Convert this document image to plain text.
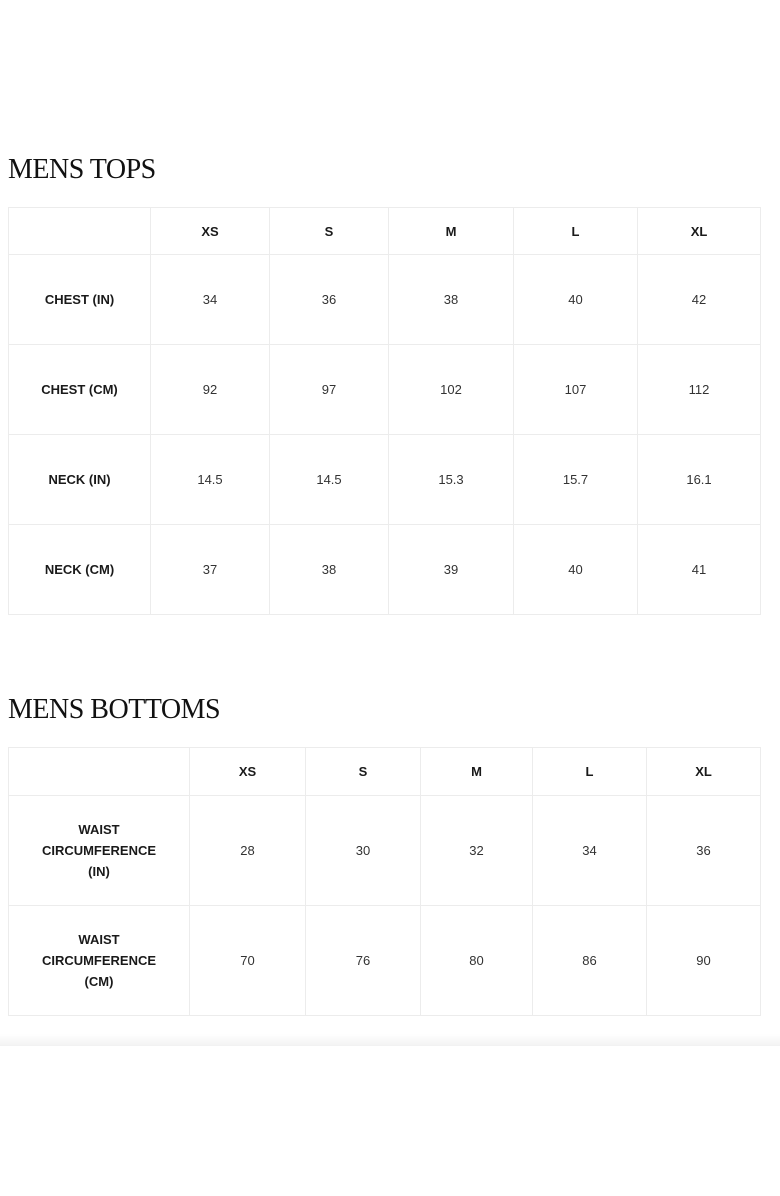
MENS TOPS
	XS	S	M	L	XL
CHEST (IN)	34	36	38	40	42
CHEST (CM)	92	97	102	107	112
NECK (IN)	14.5	14.5	15.3	15.7	16.1
NECK (CM)	37	38	39	40	41
MENS BOTTOMS
	XS	S	M	L	XL

WAIST CIRCUMFERENCE (IN)	28	30	32	34	36

WAIST CIRCUMFERENCE (CM)	70	76	80	86	90
